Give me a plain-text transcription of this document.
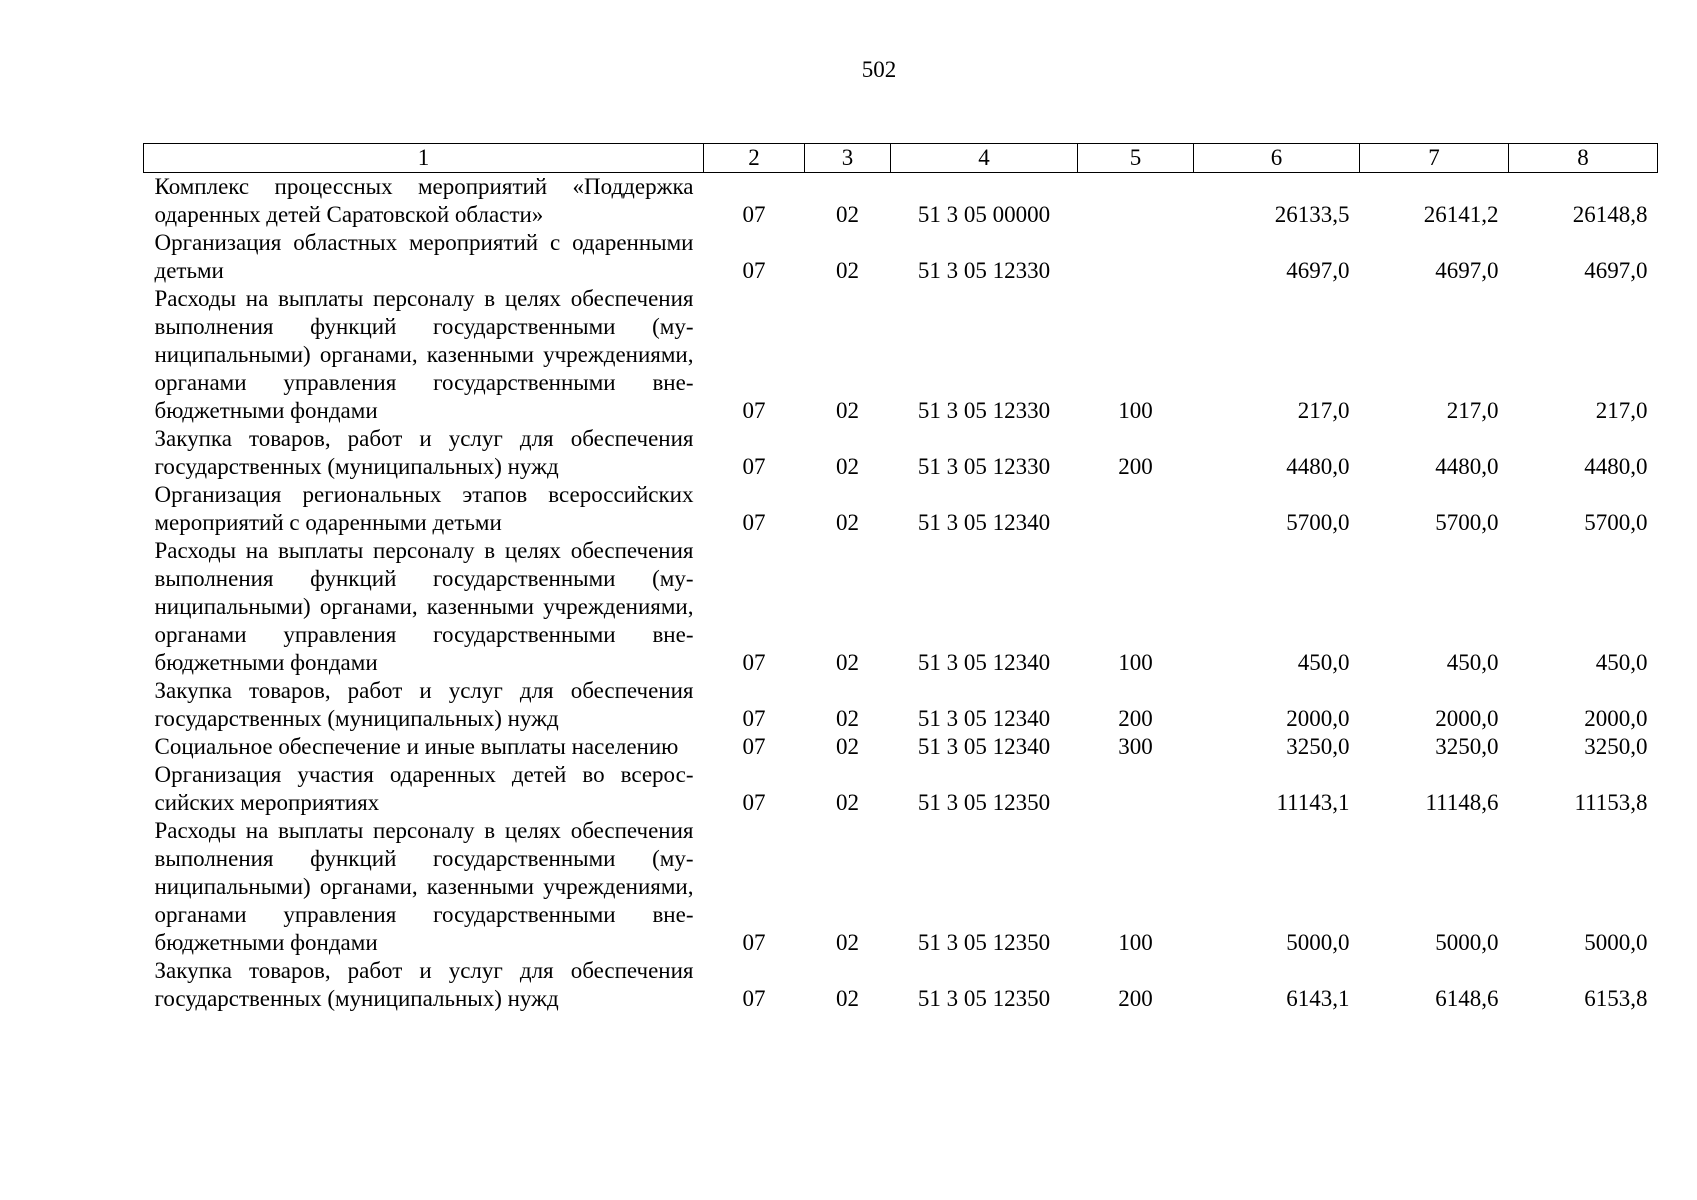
502
1	2	3	4	5	6	7	8
Комплекс процессных мероприятий «Поддержка одаренных детей Саратовской области»	07	02	51 3 05 00000		26133,5	26141,2	26148,8
Организация областных мероприятий с одаренными детьми	07	02	51 3 05 12330		4697,0	4697,0	4697,0
Расходы на выплаты персоналу в целях обеспечения выполнения функций государственными (муниципальными) органами, казенными учреждениями, органами управления государственными внебюджетными фондами	07	02	51 3 05 12330	100	217,0	217,0	217,0
Закупка товаров, работ и услуг для обеспечения государственных (муниципальных) нужд	07	02	51 3 05 12330	200	4480,0	4480,0	4480,0
Организация региональных этапов всероссийских мероприятий с одаренными детьми	07	02	51 3 05 12340		5700,0	5700,0	5700,0
Расходы на выплаты персоналу в целях обеспечения выполнения функций государственными (муниципальными) органами, казенными учреждениями, органами управления государственными внебюджетными фондами	07	02	51 3 05 12340	100	450,0	450,0	450,0
Закупка товаров, работ и услуг для обеспечения государственных (муниципальных) нужд	07	02	51 3 05 12340	200	2000,0	2000,0	2000,0
Социальное обеспечение и иные выплаты населению	07	02	51 3 05 12340	300	3250,0	3250,0	3250,0
Организация участия одаренных детей во всероссийских мероприятиях	07	02	51 3 05 12350		11143,1	11148,6	11153,8
Расходы на выплаты персоналу в целях обеспечения выполнения функций государственными (муниципальными) органами, казенными учреждениями, органами управления государственными внебюджетными фондами	07	02	51 3 05 12350	100	5000,0	5000,0	5000,0
Закупка товаров, работ и услуг для обеспечения государственных (муниципальных) нужд	07	02	51 3 05 12350	200	6143,1	6148,6	6153,8
